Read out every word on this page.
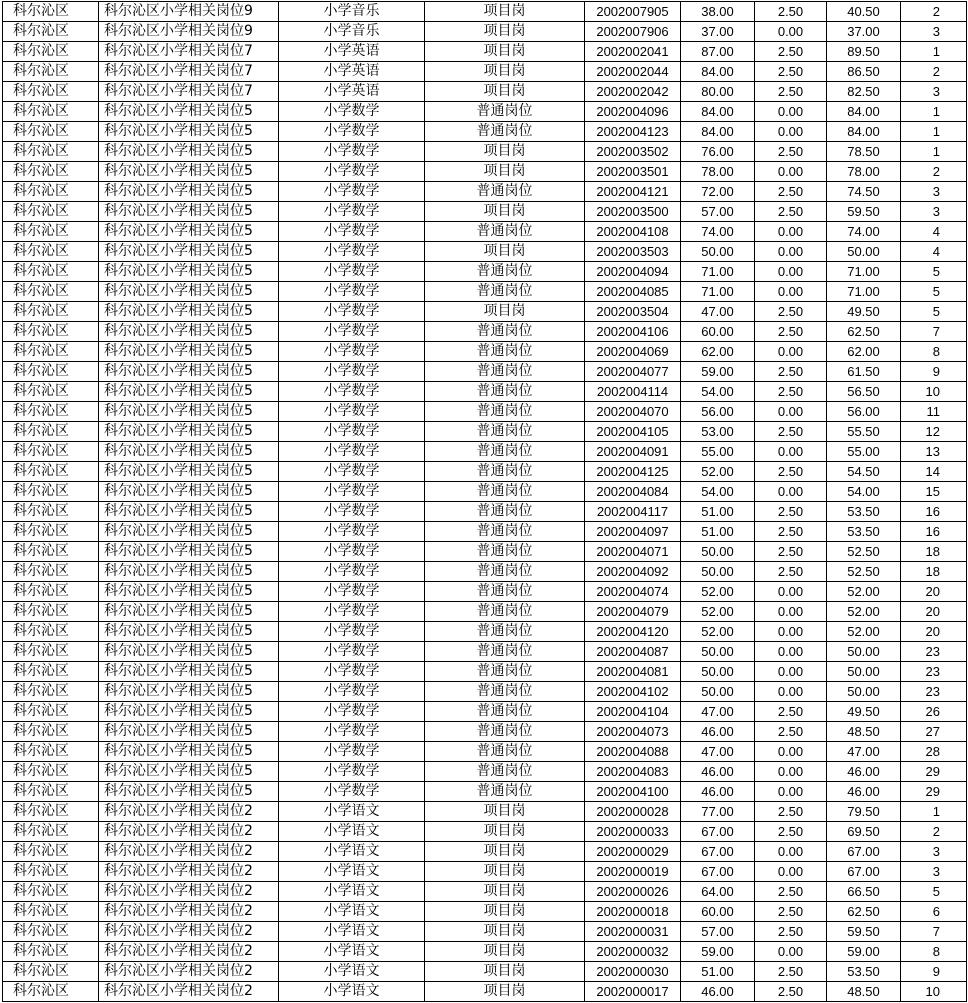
科尔沁区	科尔沁区小学相关岗位9	小学音乐	项目岗	2002007905	38.00	2.50	40.50	2
科尔沁区	科尔沁区小学相关岗位9	小学音乐	项目岗	2002007906	37.00	0.00	37.00	3
科尔沁区	科尔沁区小学相关岗位7	小学英语	项目岗	2002002041	87.00	2.50	89.50	1
科尔沁区	科尔沁区小学相关岗位7	小学英语	项目岗	2002002044	84.00	2.50	86.50	2
科尔沁区	科尔沁区小学相关岗位7	小学英语	项目岗	2002002042	80.00	2.50	82.50	3
科尔沁区	科尔沁区小学相关岗位5	小学数学	普通岗位	2002004096	84.00	0.00	84.00	1
科尔沁区	科尔沁区小学相关岗位5	小学数学	普通岗位	2002004123	84.00	0.00	84.00	1
科尔沁区	科尔沁区小学相关岗位5	小学数学	项目岗	2002003502	76.00	2.50	78.50	1
科尔沁区	科尔沁区小学相关岗位5	小学数学	项目岗	2002003501	78.00	0.00	78.00	2
科尔沁区	科尔沁区小学相关岗位5	小学数学	普通岗位	2002004121	72.00	2.50	74.50	3
科尔沁区	科尔沁区小学相关岗位5	小学数学	项目岗	2002003500	57.00	2.50	59.50	3
科尔沁区	科尔沁区小学相关岗位5	小学数学	普通岗位	2002004108	74.00	0.00	74.00	4
科尔沁区	科尔沁区小学相关岗位5	小学数学	项目岗	2002003503	50.00	0.00	50.00	4
科尔沁区	科尔沁区小学相关岗位5	小学数学	普通岗位	2002004094	71.00	0.00	71.00	5
科尔沁区	科尔沁区小学相关岗位5	小学数学	普通岗位	2002004085	71.00	0.00	71.00	5
科尔沁区	科尔沁区小学相关岗位5	小学数学	项目岗	2002003504	47.00	2.50	49.50	5
科尔沁区	科尔沁区小学相关岗位5	小学数学	普通岗位	2002004106	60.00	2.50	62.50	7
科尔沁区	科尔沁区小学相关岗位5	小学数学	普通岗位	2002004069	62.00	0.00	62.00	8
科尔沁区	科尔沁区小学相关岗位5	小学数学	普通岗位	2002004077	59.00	2.50	61.50	9
科尔沁区	科尔沁区小学相关岗位5	小学数学	普通岗位	2002004114	54.00	2.50	56.50	10
科尔沁区	科尔沁区小学相关岗位5	小学数学	普通岗位	2002004070	56.00	0.00	56.00	11
科尔沁区	科尔沁区小学相关岗位5	小学数学	普通岗位	2002004105	53.00	2.50	55.50	12
科尔沁区	科尔沁区小学相关岗位5	小学数学	普通岗位	2002004091	55.00	0.00	55.00	13
科尔沁区	科尔沁区小学相关岗位5	小学数学	普通岗位	2002004125	52.00	2.50	54.50	14
科尔沁区	科尔沁区小学相关岗位5	小学数学	普通岗位	2002004084	54.00	0.00	54.00	15
科尔沁区	科尔沁区小学相关岗位5	小学数学	普通岗位	2002004117	51.00	2.50	53.50	16
科尔沁区	科尔沁区小学相关岗位5	小学数学	普通岗位	2002004097	51.00	2.50	53.50	16
科尔沁区	科尔沁区小学相关岗位5	小学数学	普通岗位	2002004071	50.00	2.50	52.50	18
科尔沁区	科尔沁区小学相关岗位5	小学数学	普通岗位	2002004092	50.00	2.50	52.50	18
科尔沁区	科尔沁区小学相关岗位5	小学数学	普通岗位	2002004074	52.00	0.00	52.00	20
科尔沁区	科尔沁区小学相关岗位5	小学数学	普通岗位	2002004079	52.00	0.00	52.00	20
科尔沁区	科尔沁区小学相关岗位5	小学数学	普通岗位	2002004120	52.00	0.00	52.00	20
科尔沁区	科尔沁区小学相关岗位5	小学数学	普通岗位	2002004087	50.00	0.00	50.00	23
科尔沁区	科尔沁区小学相关岗位5	小学数学	普通岗位	2002004081	50.00	0.00	50.00	23
科尔沁区	科尔沁区小学相关岗位5	小学数学	普通岗位	2002004102	50.00	0.00	50.00	23
科尔沁区	科尔沁区小学相关岗位5	小学数学	普通岗位	2002004104	47.00	2.50	49.50	26
科尔沁区	科尔沁区小学相关岗位5	小学数学	普通岗位	2002004073	46.00	2.50	48.50	27
科尔沁区	科尔沁区小学相关岗位5	小学数学	普通岗位	2002004088	47.00	0.00	47.00	28
科尔沁区	科尔沁区小学相关岗位5	小学数学	普通岗位	2002004083	46.00	0.00	46.00	29
科尔沁区	科尔沁区小学相关岗位5	小学数学	普通岗位	2002004100	46.00	0.00	46.00	29
科尔沁区	科尔沁区小学相关岗位2	小学语文	项目岗	2002000028	77.00	2.50	79.50	1
科尔沁区	科尔沁区小学相关岗位2	小学语文	项目岗	2002000033	67.00	2.50	69.50	2
科尔沁区	科尔沁区小学相关岗位2	小学语文	项目岗	2002000029	67.00	0.00	67.00	3
科尔沁区	科尔沁区小学相关岗位2	小学语文	项目岗	2002000019	67.00	0.00	67.00	3
科尔沁区	科尔沁区小学相关岗位2	小学语文	项目岗	2002000026	64.00	2.50	66.50	5
科尔沁区	科尔沁区小学相关岗位2	小学语文	项目岗	2002000018	60.00	2.50	62.50	6
科尔沁区	科尔沁区小学相关岗位2	小学语文	项目岗	2002000031	57.00	2.50	59.50	7
科尔沁区	科尔沁区小学相关岗位2	小学语文	项目岗	2002000032	59.00	0.00	59.00	8
科尔沁区	科尔沁区小学相关岗位2	小学语文	项目岗	2002000030	51.00	2.50	53.50	9
科尔沁区	科尔沁区小学相关岗位2	小学语文	项目岗	2002000017	46.00	2.50	48.50	10
